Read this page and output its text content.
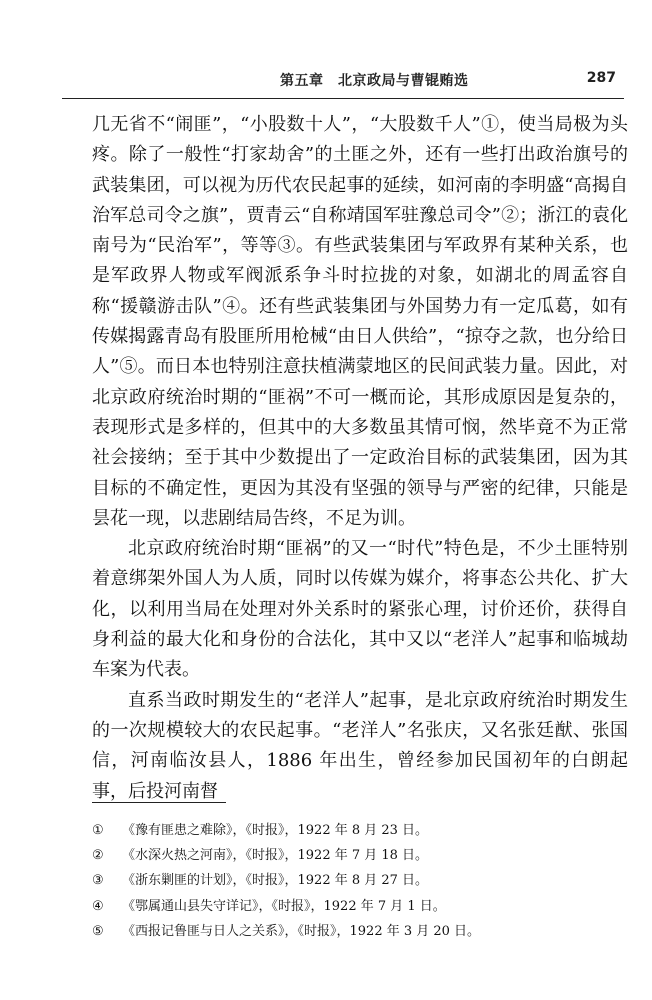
第五章　北京政局与曹锟贿选	287

几无省不“闹匪”，“小股数十人”，“大股数千人”①，使当局极为头疼。除了一般性“打家劫舍”的土匪之外，还有一些打出政治旗号的武装集团，可以视为历代农民起事的延续，如河南的李明盛“高揭自治军总司令之旗”，贾青云“自称靖国军驻豫总司令”②；浙江的袁化南号为“民治军”，等等③。有些武装集团与军政界有某种关系，也是军政界人物或军阀派系争斗时拉拢的对象，如湖北的周孟容自称“援赣游击队”④。还有些武装集团与外国势力有一定瓜葛，如有传媒揭露青岛有股匪所用枪械“由日人供给”，“掠夺之款，也分给日人”⑤。而日本也特别注意扶植满蒙地区的民间武装力量。因此，对北京政府统治时期的“匪祸”不可一概而论，其形成原因是复杂的，表现形式是多样的，但其中的大多数虽其情可悯，然毕竟不为正常社会接纳；至于其中少数提出了一定政治目标的武装集团，因为其目标的不确定性，更因为其没有坚强的领导与严密的纪律，只能是昙花一现，以悲剧结局告终，不足为训。

北京政府统治时期“匪祸”的又一“时代”特色是，不少土匪特别着意绑架外国人为人质，同时以传媒为媒介，将事态公共化、扩大化，以利用当局在处理对外关系时的紧张心理，讨价还价，获得自身利益的最大化和身份的合法化，其中又以“老洋人”起事和临城劫车案为代表。

直系当政时期发生的“老洋人”起事，是北京政府统治时期发生的一次规模较大的农民起事。“老洋人”名张庆，又名张廷猷、张国信，河南临汝县人，1886 年出生，曾经参加民国初年的白朗起事，后投河南督

①	《豫有匪患之难除》，《时报》，1922 年 8 月 23 日。
②	《水深火热之河南》，《时报》，1922 年 7 月 18 日。
③	《浙东剿匪的计划》，《时报》，1922 年 8 月 27 日。
④	《鄂属通山县失守详记》，《时报》，1922 年 7 月 1 日。
⑤	《西报记鲁匪与日人之关系》，《时报》，1922 年 3 月 20 日。
